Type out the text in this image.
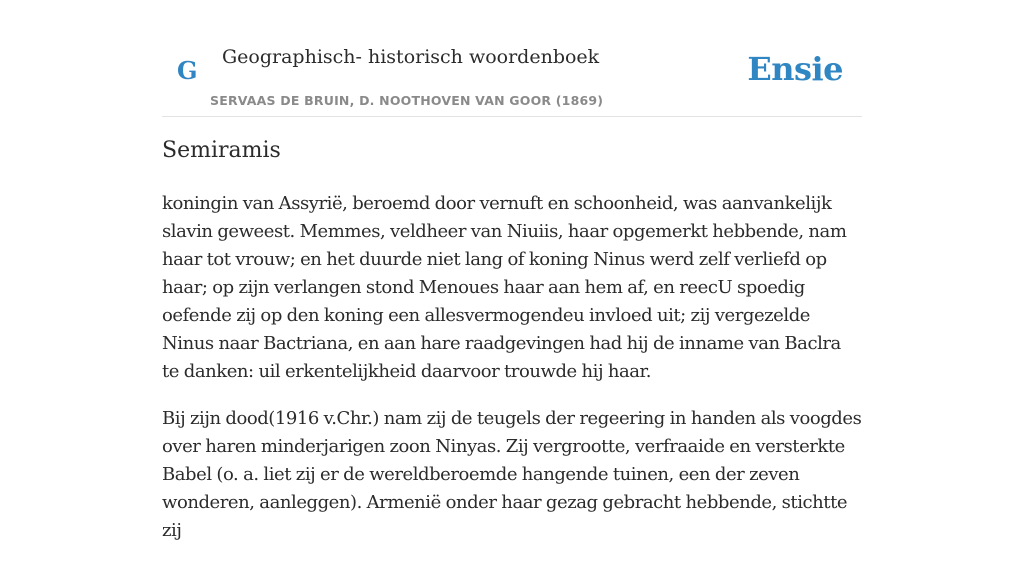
G Geographisch- historisch woordenboek
SERVAAS DE BRUIN, D. NOOTHOVEN VAN GOOR (1869)
Ensie
Semiramis

koningin van Assyrië, beroemd door vernuft en schoonheid, was aanvankelijk slavin geweest. Memmes, veldheer van Niuiis, haar opgemerkt hebbende, nam haar tot vrouw; en het duurde niet lang of koning Ninus werd zelf verliefd op haar; op zijn verlangen stond Menoues haar aan hem af, en reecU spoedig oefende zij op den koning een allesvermogendeu invloed uit; zij vergezelde Ninus naar Bactriana, en aan hare raadgevingen had hij de inname van Baclra te danken: uil erkentelijkheid daarvoor trouwde hij haar.

Bij zijn dood(1916 v.Chr.) nam zij de teugels der regeering in handen als voogdes over haren minderjarigen zoon Ninyas. Zij vergrootte, verfraaide en versterkte Babel (o. a. liet zij er de wereldberoemde hangende tuinen, een der zeven wonderen, aanleggen). Armenië onder haar gezag gebracht hebbende, stichtte zij
